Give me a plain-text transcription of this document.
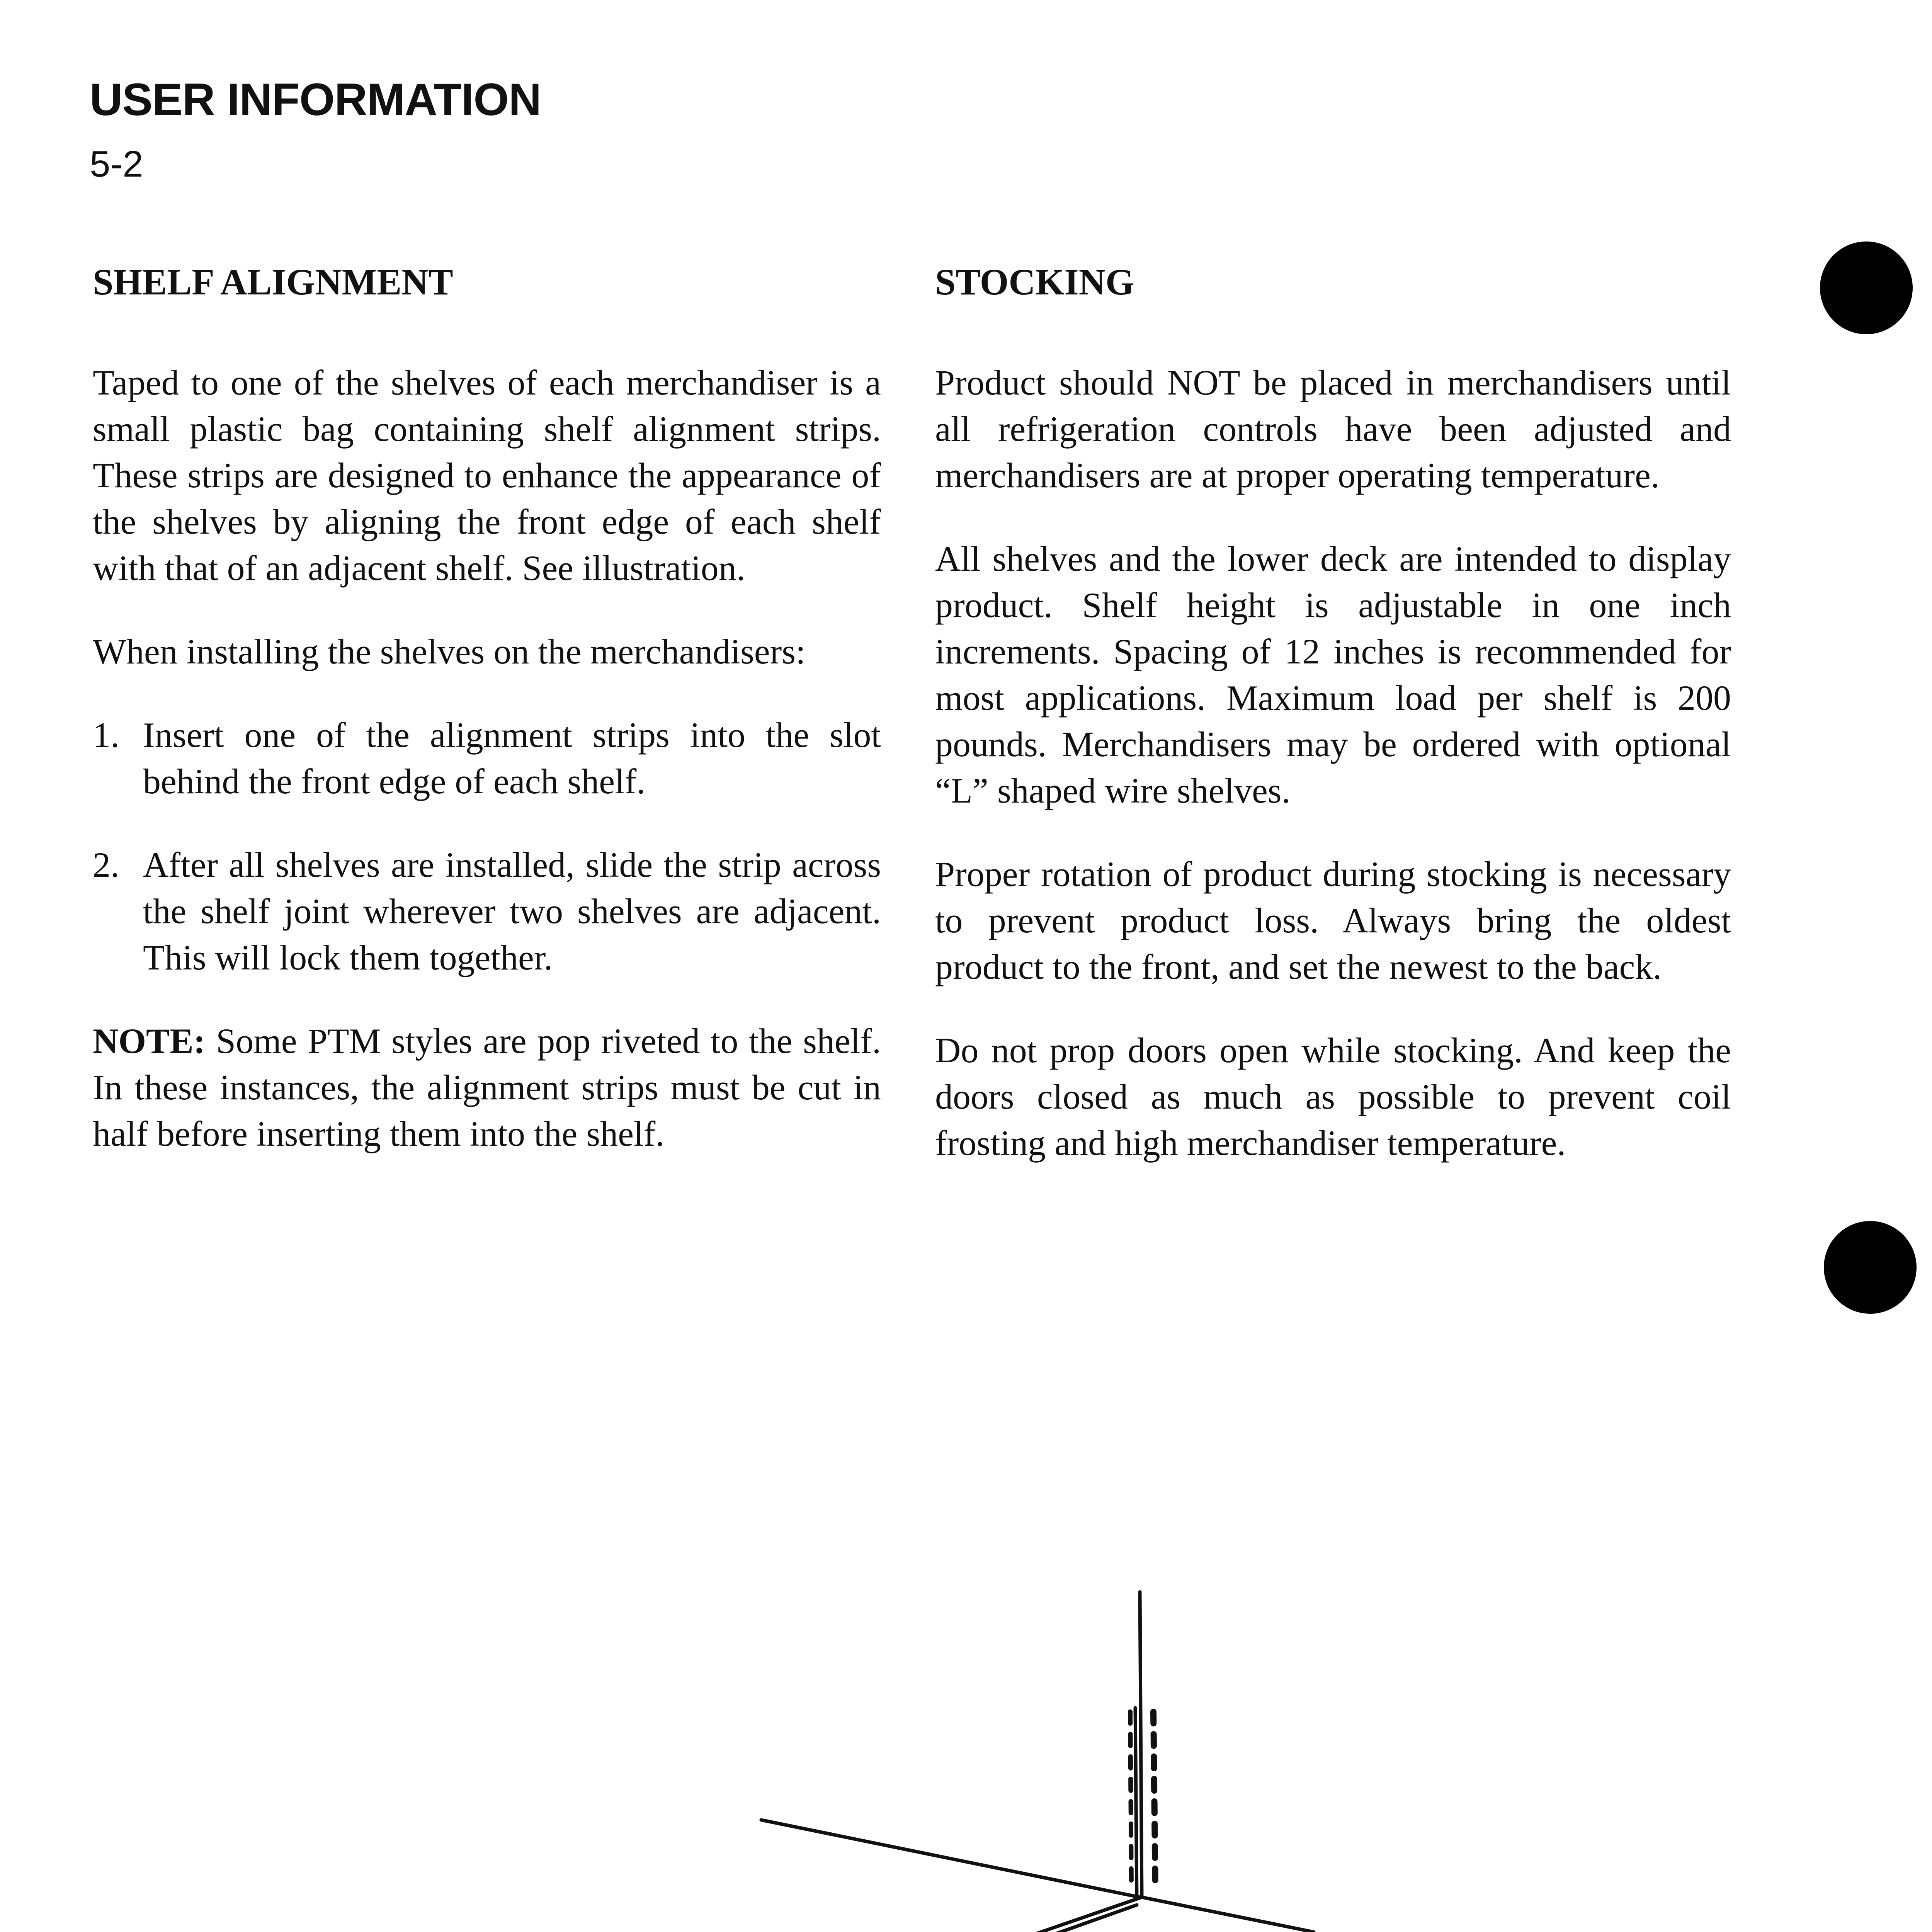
USER INFORMATION
5-2
SHELF ALIGNMENT

Taped to one of the shelves of each merchandiser is a small plastic bag containing shelf alignment strips. These strips are designed to enhance the appearance of the shelves by aligning the front edge of each shelf with that of an adjacent shelf. See illustration.

When installing the shelves on the merchandisers:

1. Insert one of the alignment strips into the slot behind the front edge of each shelf.
2. After all shelves are installed, slide the strip across the shelf joint wherever two shelves are adjacent. This will lock them together.

NOTE: Some PTM styles are pop riveted to the shelf. In these instances, the alignment strips must be cut in half before inserting them into the shelf.

STOCKING

Product should NOT be placed in merchandisers until all refrigeration controls have been adjusted and merchandisers are at proper operating temperature.

All shelves and the lower deck are intended to display product. Shelf height is adjustable in one inch increments. Spacing of 12 inches is recommended for most applications. Maximum load per shelf is 200 pounds. Merchandisers may be ordered with optional “L” shaped wire shelves.

Proper rotation of product during stocking is necessary to prevent product loss. Always bring the oldest product to the front, and set the newest to the back.

Do not prop doors open while stocking. And keep the doors closed as much as possible to prevent coil frosting and high merchandiser temperature.
